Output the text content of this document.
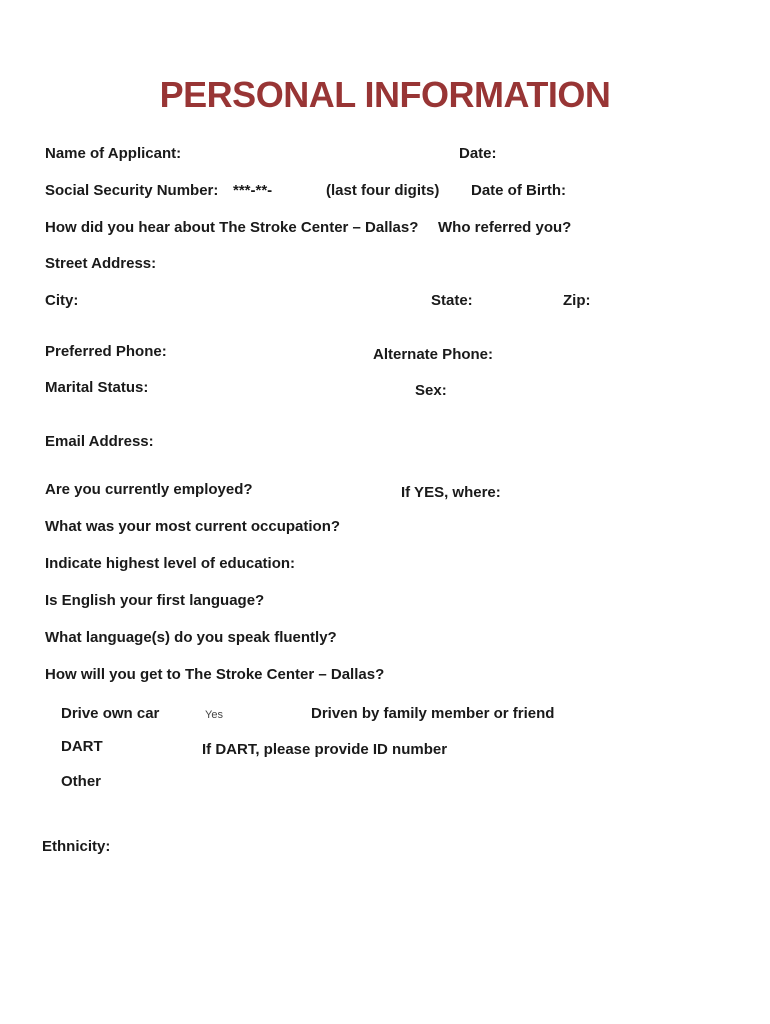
PERSONAL INFORMATION
Name of Applicant:	Date:
Social Security Number: ***-**-	(last four digits) Date of Birth:
How did you hear about The Stroke Center – Dallas? Who referred you?
Street Address:
City:	State:	Zip:
Preferred Phone:	Alternate Phone:
Marital Status:	Sex:
Email Address:
Are you currently employed?	If YES, where:
What was your most current occupation?
Indicate highest level of education:
Is English your first language?
What language(s) do you speak fluently?
How will you get to The Stroke Center – Dallas?
Drive own car	Yes	Driven by family member or friend
DART	If DART, please provide ID number
Other
Ethnicity:
